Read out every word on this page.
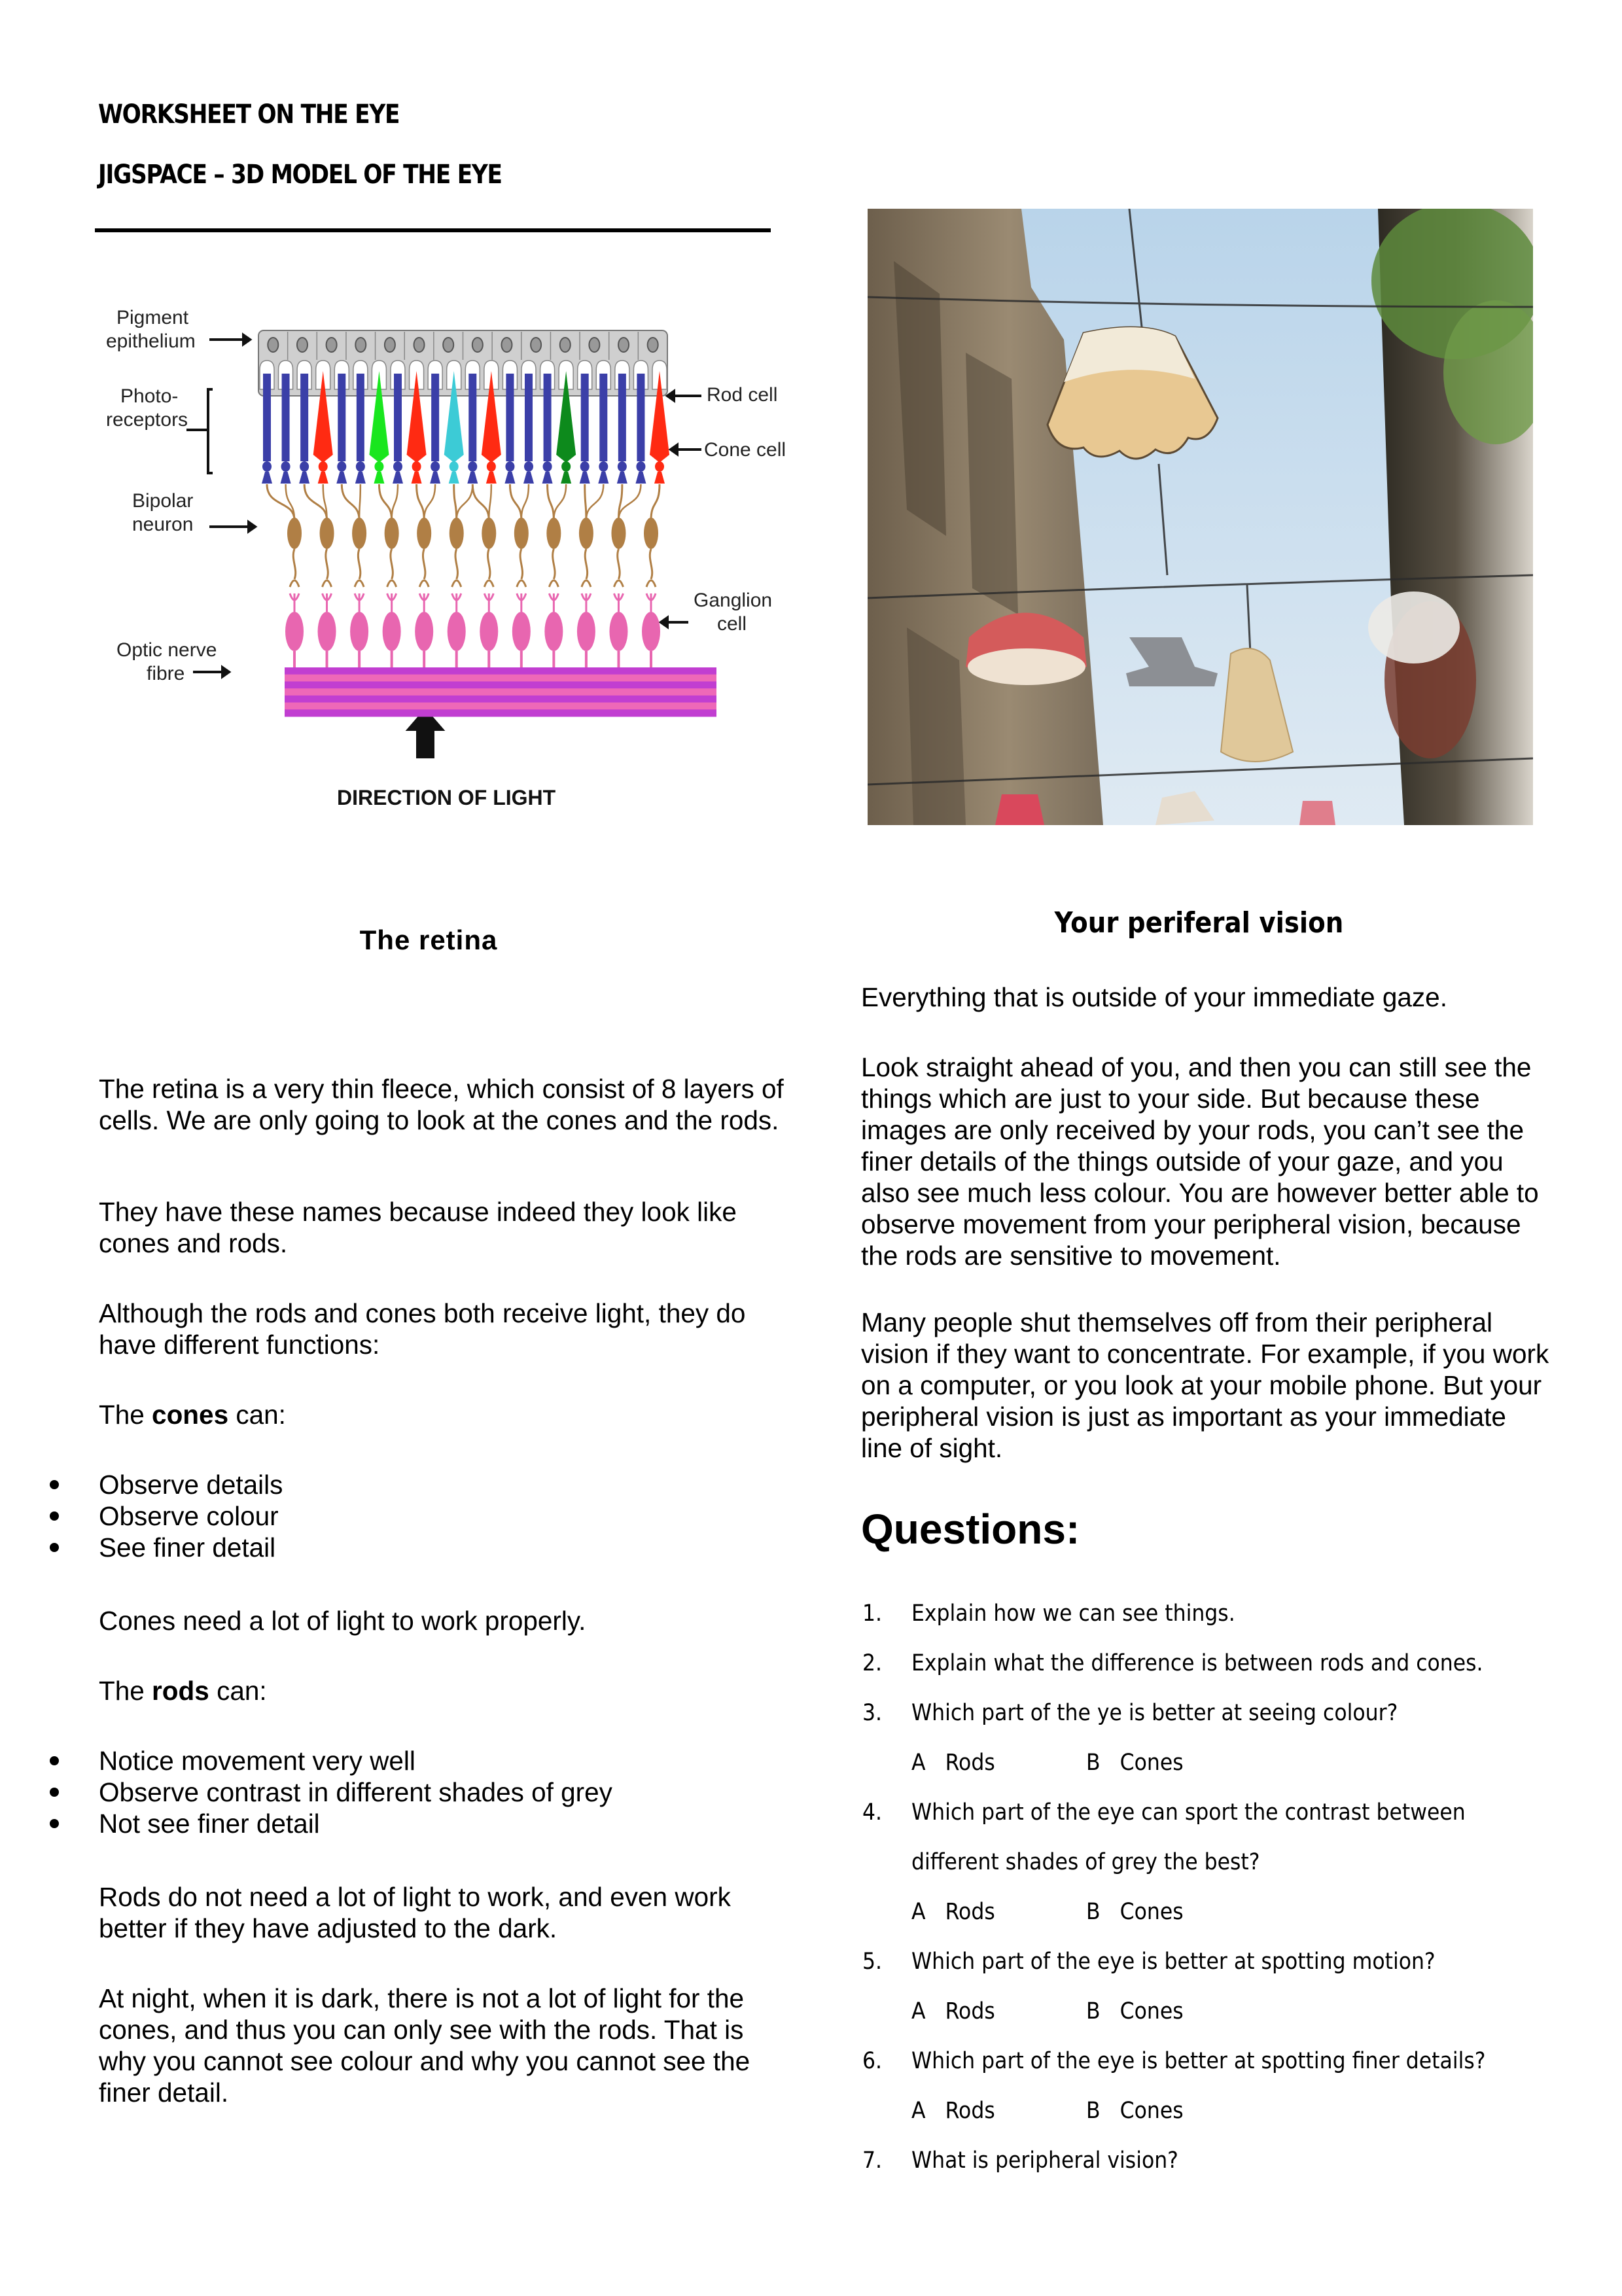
WORKSHEET ON THE EYE
JIGSPACE – 3D MODEL OF THE EYE
Pigment
epithelium
Photo-
receptors
Bipolar
neuron
Optic nerve
fibre
Rod cell
Cone cell
Ganglion
cell
DIRECTION OF LIGHT
The retina
The retina is a very thin fleece, which consist of 8 layers of cells. We are only going to look at the cones and the rods.
They have these names because indeed they look like cones and rods.
Although the rods and cones both receive light, they do have different functions:
The cones can:
Observe details
Observe colour
See finer detail
Cones need a lot of light to work properly.
The rods can:
Notice movement very well
Observe contrast in different shades of grey
Not see finer detail
Rods do not need a lot of light to work, and even work better if they have adjusted to the dark.
At night, when it is dark, there is not a lot of light for the cones, and thus you can only see with the rods. That is why you cannot see colour and why you cannot see the finer detail.
Your periferal vision
Everything that is outside of your immediate gaze.
Look straight ahead of you, and then you can still see the things which are just to your side. But because these images are only received by your rods, you can’t see the finer details of the things outside of your gaze, and you also see much less colour. You are however better able to observe movement from your peripheral vision, because the rods are sensitive to movement.
Many people shut themselves off from their peripheral vision if they want to concentrate. For example, if you work on a computer, or you look at your mobile phone. But your peripheral vision is just as important as your immediate line of sight.
Questions:
1. Explain how we can see things.
2. Explain what the difference is between rods and cones.
3. Which part of the ye is better at seeing colour?
A   Rods	B   Cones
4. Which part of the eye can sport the contrast between
different shades of grey the best?
A   Rods	B   Cones
5. Which part of the eye is better at spotting motion?
A   Rods	B   Cones
6. Which part of the eye is better at spotting finer details?
A   Rods	B   Cones
7. What is peripheral vision?
